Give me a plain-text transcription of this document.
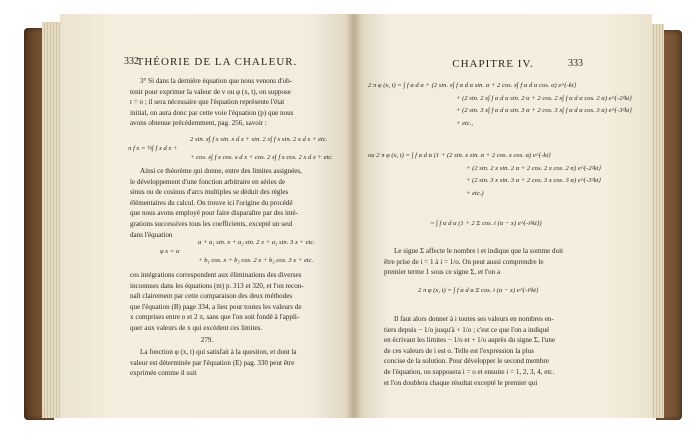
332
THÉORIE DE LA CHALEUR.
3° Si dans la dernière équation que nous venons d'ob-
tenir pour exprimer la valeur de v ou φ (x, t), on suppose
t = o ; il sera nécessaire que l'équation représente l'état
initial, on aura donc par cette voie l'équation (p) que nous
avons obtenue précédemment, pag. 256, savoir :
2 sin. x∫ f x sin. x d x + sin. 2 x∫ f x sin. 2 x d x + etc.
π f x = ½∫ f x d x +
+ cos. x∫ f x cos. x d x + cos. 2 x∫ f x cos. 2 x d x + etc.
Ainsi ce théorème qui donne, entre des limites assignées,
le développement d'une fonction arbitraire en séries de
sinus ou de cosinus d'arcs multiples se déduit des règles
élémentaires du calcul. On trouve ici l'origine du procédé
que nous avons employé pour faire disparaître par des inté-
grations successives tous les coefficients, excepté un seul
dans l'équation
a + a₁ sin. x + a₂ sin. 2 x + a₃ sin. 3 x + etc.
φ x = α
+ b₁ cos. x + b₂ cos. 2 x + b₃ cos. 3 x + etc.
ces intégrations correspondent aux éliminations des diverses
inconnues dans les équations (m) p. 313 et 320, et l'on recon-
naît clairement par cette comparaison des deux méthodes
que l'équation (B) page 334, a lieu pour toutes les valeurs de
x comprises entre o et 2 π, sans que l'on soit fondé à l'appli-
quer aux valeurs de x qui excèdent ces limites.
279.
La fonction φ (x, t) qui satisfait à la question, et dont la
valeur est déterminée par l'équation (E) pag. 330 peut être
exprimée comme il suit
CHAPITRE IV.	333
2 π φ (x, t) = ∫ f α d α + (2 sin. x∫ f α d α sin. α + 2 cos. x∫ f α d α cos. α) e^{-kt}
+ (2 sin. 2 x∫ f α d α sin. 2 α + 2 cos. 2 x∫ f α d α cos. 2 α) e^{-2²kt}
+ (2 sin. 3 x∫ f α d α sin. 3 α + 2 cos. 3 x∫ f α d α cos. 3 α) e^{-3²kt}
+ etc.,
ou 2 π φ (x, t) = ∫ f α d α (1 + (2 sin. x sin. α + 2 cos. x cos. α) e^{-kt}
+ (2 sin. 2 x sin. 2 α + 2 cos. 2 x cos. 2 α) e^{-2²kt}
+ (2 sin. 3 x sin. 3 α + 2 cos. 3 x cos. 3 α) e^{-3²kt}
+ etc.)
= ∫ f α d α (1 + 2 Σ cos. i (α − x) e^{-i²kt})
Le signe Σ affecte le nombre i et indique que la somme doit
être prise de i = 1 à i = 1/o. On peut aussi comprendre le
premier terme 1 sous ce signe Σ, et l'on a
2 π φ (x, t) = ∫ f α d α Σ cos. i (α − x) e^{-i²kt}
Il faut alors donner à i toutes ses valeurs en nombres en-
tiers depuis − 1/o jusqu'à + 1/o ; c'est ce que l'on a indiqué
en écrivant les limites − 1/o et + 1/o auprès du signe Σ, l'une
de ces valeurs de i est o. Telle est l'expression la plus
concise de la solution. Pour développer le second membre
de l'équation, on supposera i = o et ensuite i = 1, 2, 3, 4, etc.
et l'on doublera chaque résultat excepté le premier qui
